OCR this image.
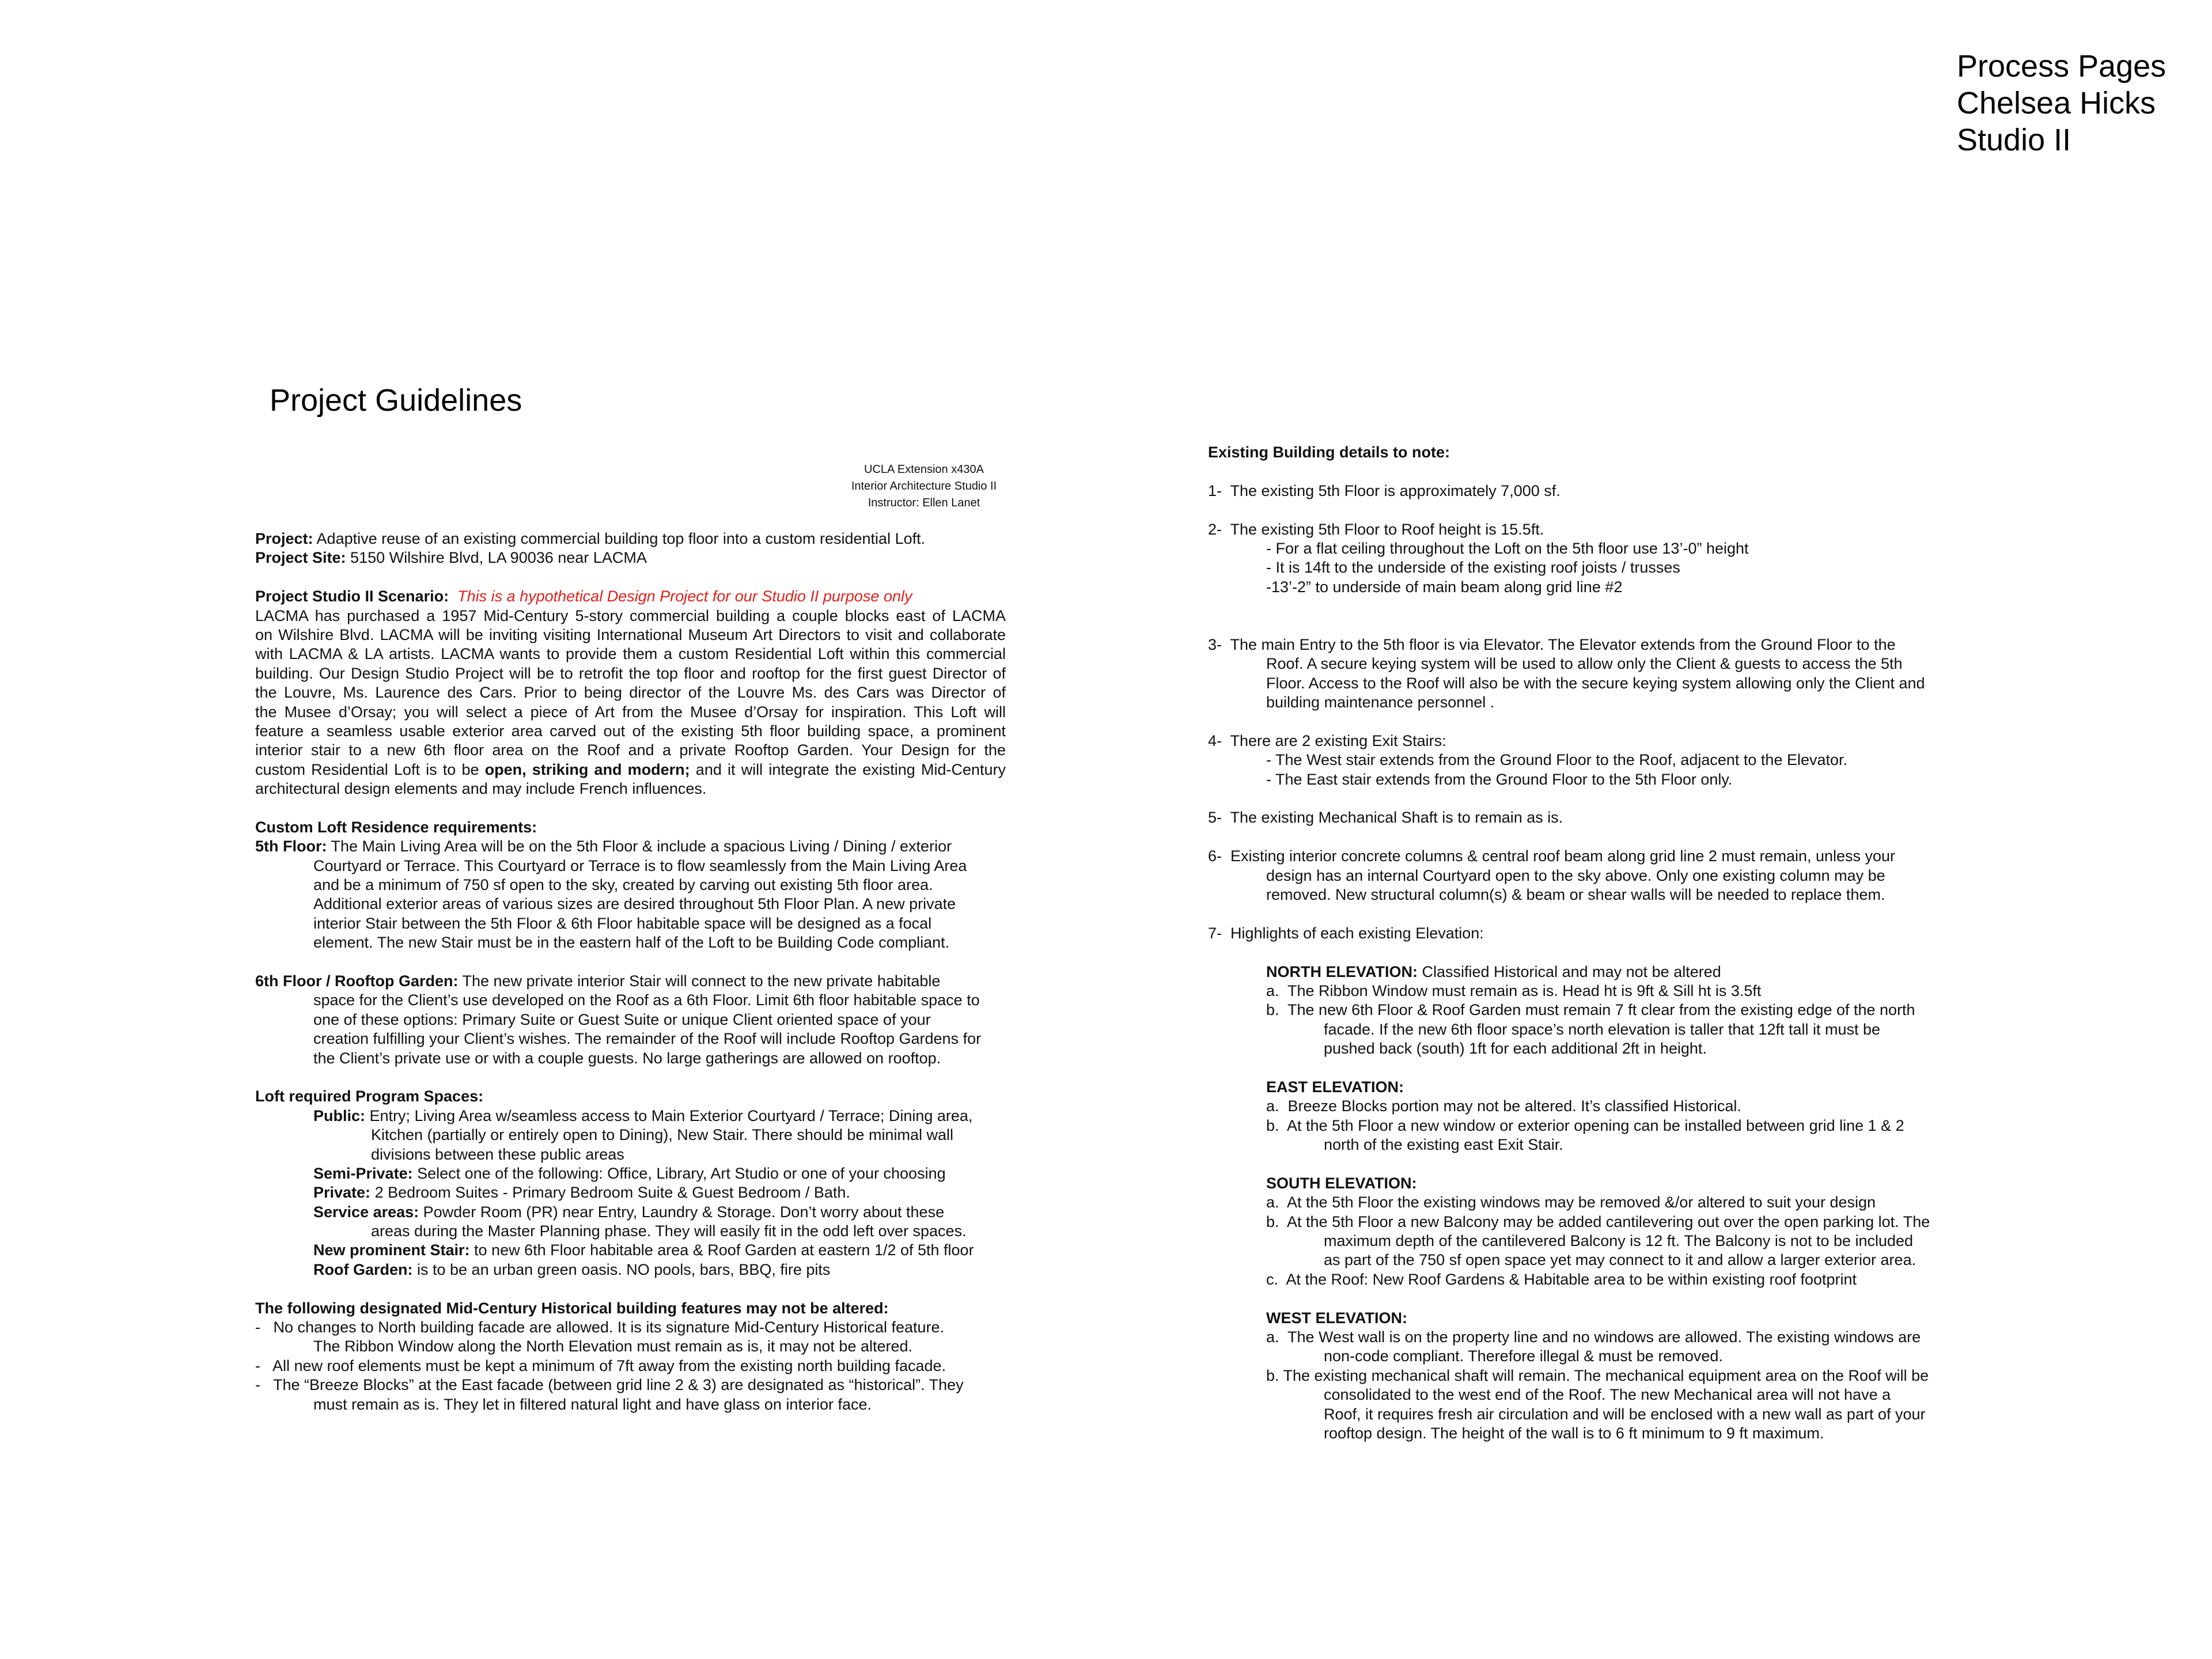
Process Pages
Chelsea Hicks
Studio II
Project Guidelines
UCLA Extension x430A
Interior Architecture Studio II
Instructor: Ellen Lanet
Project: Adaptive reuse of an existing commercial building top floor into a custom residential Loft.
Project Site: 5150 Wilshire Blvd, LA 90036 near LACMA
Project Studio II Scenario:  This is a hypothetical Design Project for our Studio II purpose only
LACMA has purchased a 1957 Mid-Century 5-story commercial building a couple blocks east of LACMA
on Wilshire Blvd. LACMA will be inviting visiting International Museum Art Directors to visit and collaborate
with LACMA & LA artists. LACMA wants to provide them a custom Residential Loft within this commercial
building. Our Design Studio Project will be to retrofit the top floor and rooftop for the first guest Director of
the Louvre, Ms. Laurence des Cars. Prior to being director of the Louvre Ms. des Cars was Director of
the Musee d’Orsay; you will select a piece of Art from the Musee d’Orsay for inspiration. This Loft will
feature a seamless usable exterior area carved out of the existing 5th floor building space, a prominent
interior stair to a new 6th floor area on the Roof and a private Rooftop Garden. Your Design for the
custom Residential Loft is to be open, striking and modern; and it will integrate the existing Mid-Century
architectural design elements and may include French influences.
Custom Loft Residence requirements:
5th Floor: The Main Living Area will be on the 5th Floor & include a spacious Living / Dining / exterior
Courtyard or Terrace. This Courtyard or Terrace is to flow seamlessly from the Main Living Area
and be a minimum of 750 sf open to the sky, created by carving out existing 5th floor area.
Additional exterior areas of various sizes are desired throughout 5th Floor Plan. A new private
interior Stair between the 5th Floor & 6th Floor habitable space will be designed as a focal
element. The new Stair must be in the eastern half of the Loft to be Building Code compliant.
6th Floor / Rooftop Garden: The new private interior Stair will connect to the new private habitable
space for the Client’s use developed on the Roof as a 6th Floor. Limit 6th floor habitable space to
one of these options: Primary Suite or Guest Suite or unique Client oriented space of your
creation fulfilling your Client’s wishes. The remainder of the Roof will include Rooftop Gardens for
the Client’s private use or with a couple guests. No large gatherings are allowed on rooftop.
Loft required Program Spaces:
Public: Entry; Living Area w/seamless access to Main Exterior Courtyard / Terrace; Dining area,
Kitchen (partially or entirely open to Dining), New Stair. There should be minimal wall
divisions between these public areas
Semi-Private: Select one of the following: Office, Library, Art Studio or one of your choosing
Private: 2 Bedroom Suites - Primary Bedroom Suite & Guest Bedroom / Bath.
Service areas: Powder Room (PR) near Entry, Laundry & Storage. Don’t worry about these
areas during the Master Planning phase. They will easily fit in the odd left over spaces.
New prominent Stair: to new 6th Floor habitable area & Roof Garden at eastern 1/2 of 5th floor
Roof Garden: is to be an urban green oasis. NO pools, bars, BBQ, fire pits
The following designated Mid-Century Historical building features may not be altered:
-   No changes to North building facade are allowed. It is its signature Mid-Century Historical feature.
The Ribbon Window along the North Elevation must remain as is, it may not be altered.
-   All new roof elements must be kept a minimum of 7ft away from the existing north building facade.
-   The “Breeze Blocks” at the East facade (between grid line 2 & 3) are designated as “historical”. They
must remain as is. They let in filtered natural light and have glass on interior face.
Existing Building details to note:
1-  The existing 5th Floor is approximately 7,000 sf.
2-  The existing 5th Floor to Roof height is 15.5ft.
- For a flat ceiling throughout the Loft on the 5th floor use 13’-0” height
- It is 14ft to the underside of the existing roof joists / trusses
-13’-2” to underside of main beam along grid line #2
3-  The main Entry to the 5th floor is via Elevator. The Elevator extends from the Ground Floor to the
Roof. A secure keying system will be used to allow only the Client & guests to access the 5th
Floor. Access to the Roof will also be with the secure keying system allowing only the Client and
building maintenance personnel .
4-  There are 2 existing Exit Stairs:
- The West stair extends from the Ground Floor to the Roof, adjacent to the Elevator.
- The East stair extends from the Ground Floor to the 5th Floor only.
5-  The existing Mechanical Shaft is to remain as is.
6-  Existing interior concrete columns & central roof beam along grid line 2 must remain, unless your
design has an internal Courtyard open to the sky above. Only one existing column may be
removed. New structural column(s) & beam or shear walls will be needed to replace them.
7-  Highlights of each existing Elevation:
NORTH ELEVATION: Classified Historical and may not be altered
a.  The Ribbon Window must remain as is. Head ht is 9ft & Sill ht is 3.5ft
b.  The new 6th Floor & Roof Garden must remain 7 ft clear from the existing edge of the north
facade. If the new 6th floor space’s north elevation is taller that 12ft tall it must be
pushed back (south) 1ft for each additional 2ft in height.
EAST ELEVATION:
a.  Breeze Blocks portion may not be altered. It’s classified Historical.
b.  At the 5th Floor a new window or exterior opening can be installed between grid line 1 & 2
north of the existing east Exit Stair.
SOUTH ELEVATION:
a.  At the 5th Floor the existing windows may be removed &/or altered to suit your design
b.  At the 5th Floor a new Balcony may be added cantilevering out over the open parking lot. The
maximum depth of the cantilevered Balcony is 12 ft. The Balcony is not to be included
as part of the 750 sf open space yet may connect to it and allow a larger exterior area.
c.  At the Roof: New Roof Gardens & Habitable area to be within existing roof footprint
WEST ELEVATION:
a.  The West wall is on the property line and no windows are allowed. The existing windows are
non-code compliant. Therefore illegal & must be removed.
b. The existing mechanical shaft will remain. The mechanical equipment area on the Roof will be
consolidated to the west end of the Roof. The new Mechanical area will not have a
Roof, it requires fresh air circulation and will be enclosed with a new wall as part of your
rooftop design. The height of the wall is to 6 ft minimum to 9 ft maximum.
